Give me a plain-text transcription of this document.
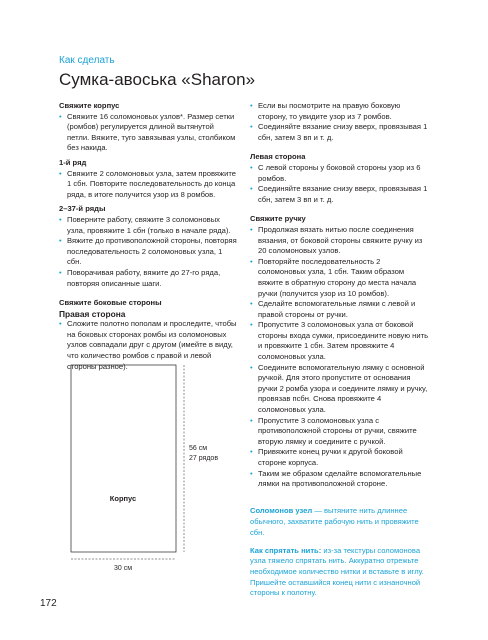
Как сделать
Сумка-авоська «Sharon»

Свяжите корпус

• Свяжите 16 соломоновых узлов*. Размер сетки (ромбов) регулируется длиной вытянутой петли. Вяжите, туго завязывая узлы, столбиком без накида.

1-й ряд

• Свяжите 2 соломоновых узла, затем провяжите 1 сбн. Повторите последовательность до конца ряда, в итоге получится узор из 8 ромбов.

2–37-й ряды

• Поверните работу, свяжите 3 соломоновых узла, провяжите 1 сбн (только в начале ряда).
• Вяжите до противоположной стороны, повторяя последовательность 2 соломоновых узла, 1 сбн.
• Поворачивая работу, вяжите до 27-го ряда, повторяя описанные шаги.

Свяжите боковые стороны

Правая сторона

• Сложите полотно пополам и проследите, чтобы на боковых сторонах ромбы из соломоновых узлов совпадали друг с другом (имейте в виду, что количество ромбов с правой и левой стороны разное).
• Если вы посмотрите на правую боковую сторону, то увидите узор из 7 ромбов.
• Соединяйте вязание снизу вверх, провязывая 1 сбн, затем 3 вп и т. д.

Левая сторона

• С левой стороны у боковой стороны узор из 6 ромбов.
• Соединяйте вязание снизу вверх, провязывая 1 сбн, затем 3 вп и т. д.

Свяжите ручку

• Продолжая вязать нитью после соединения вязания, от боковой стороны свяжите ручку из 20 соломоновых узлов.
• Повторяйте последовательность 2 соломоновых узла, 1 сбн. Таким образом вяжите в обратную сторону до места начала ручки (получится узор из 10 ромбов).
• Сделайте вспомогательные лямки с левой и правой стороны от ручки.
• Пропустите 3 соломоновых узла от боковой стороны входа сумки, присоедините новую нить и провяжите 1 сбн. Затем провяжите 4 соломоновых узла.
• Соедините вспомогательную лямку с основной ручкой. Для этого пропустите от основания ручки 2 ромба узора и соедините лямку и ручку, провязав псбн. Снова провяжите 4 соломоновых узла.
• Пропустите 3 соломоновых узла с противоположной стороны от ручки, свяжите вторую лямку и соедините с ручкой.
• Привяжите конец ручки к другой боковой стороне корпуса.
• Таким же образом сделайте вспомогательные лямки на противоположной стороне.

Соломонов узел — вытяните нить длиннее обычного, захватите рабочую нить и провяжите сбн.

Как спрятать нить: из-за текстуры соломонова узла тяжело спрятать нить. Аккуратно отрежьте необходимое количество нитки и вставьте в иглу. Пришейте оставшийся конец нити с изнаночной стороны к полотну.

Корпус
56 см
27 рядов
30 см
172
